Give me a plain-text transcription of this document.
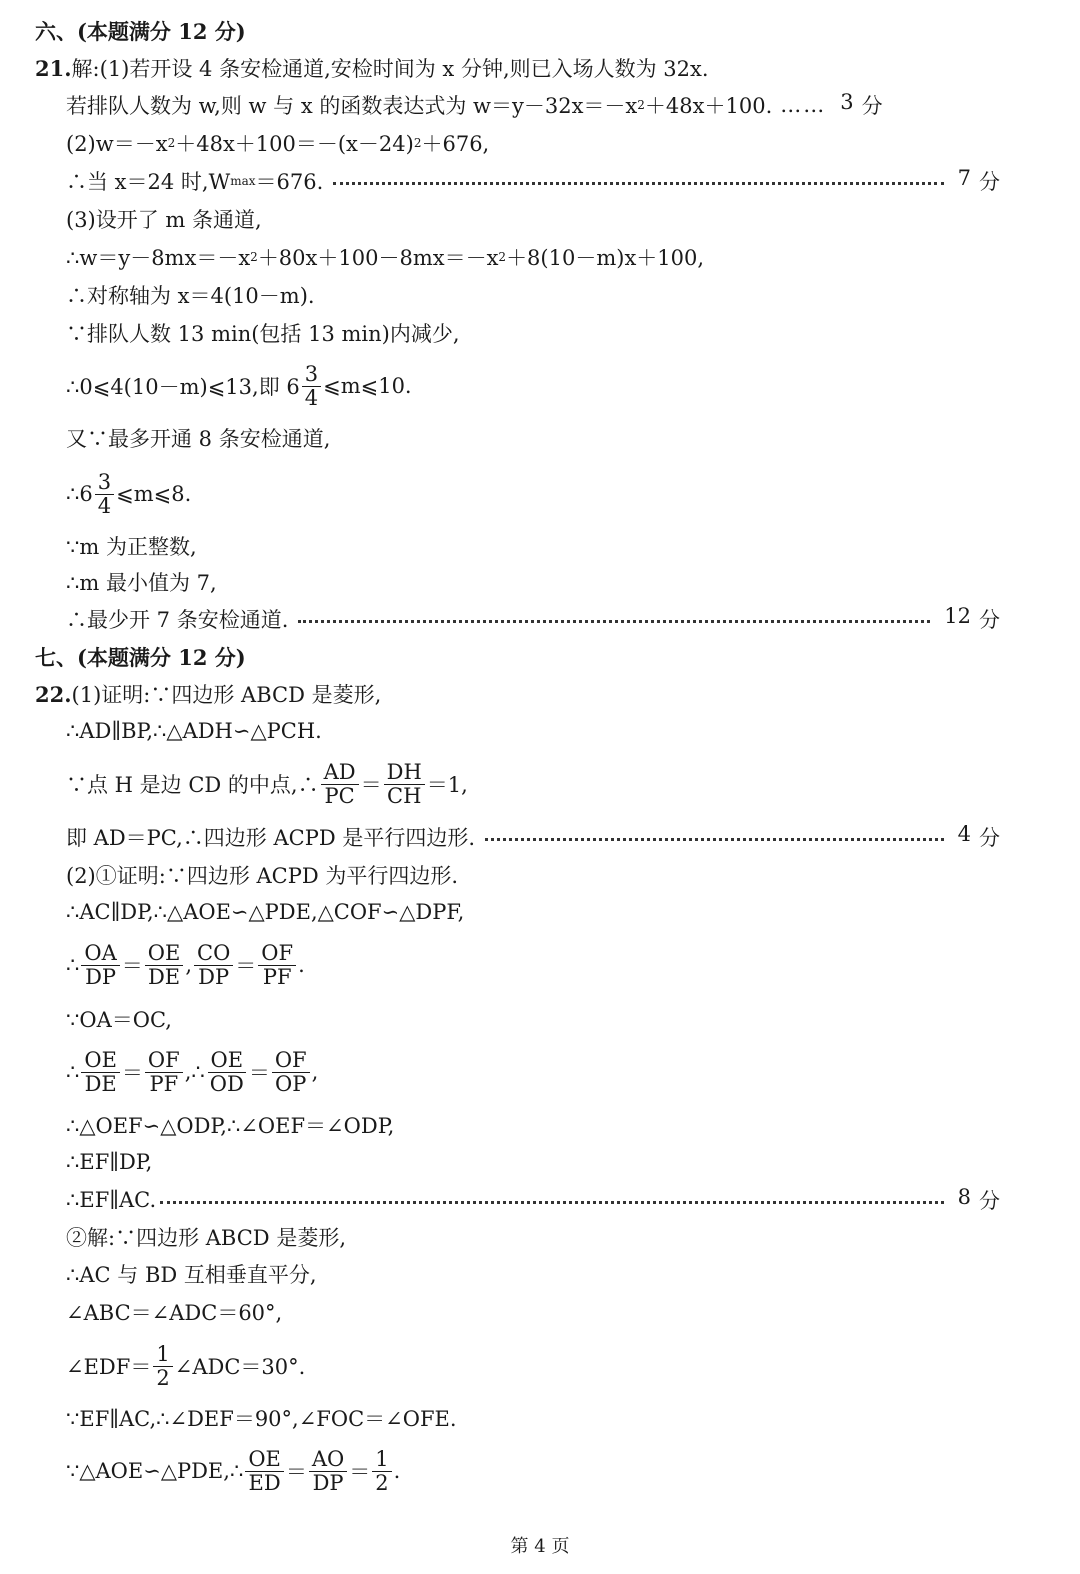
六、(本题满分 12 分)
21. 解:(1)若开设 4 条安检通道,安检时间为 x 分钟,则已入场人数为 32x.
若排队人数为 w,则 w 与 x 的函数表达式为 w＝y－32x＝－x 2 ＋48x＋100. …… 3 分
(2)w＝－x 2 ＋48x＋100＝－(x－24) 2 ＋676,
∴当 x＝24 时,W max ＝676.	7 分
(3)设开了 m 条通道,
∴w＝y－8mx＝－x 2 ＋80x＋100－8mx＝－x 2 ＋8(10－m)x＋100,
∴对称轴为 x＝4(10－m).
∵排队人数 13 min(包括 13 min)内减少,
∴0⩽4(10－m)⩽13,即 $6 \frac{3}{4}$ ⩽m⩽10.
又∵最多开通 8 条安检通道,
∴6 $\frac{3}{4}$ ⩽m⩽8.
∵m 为正整数,
∴m 最小值为 7,
∴最少开 7 条安检通道.	12 分
七、(本题满分 12 分)
22. (1)证明:∵四边形 ABCD 是菱形,
∴AD∥BP,∴△ADH∽△PCH.
∵点 H 是边 CD 的中点,∴ $\frac{AD}{PC} = \frac{DH}{CH} =1$,
即 AD＝PC,∴四边形 ACPD 是平行四边形.	4 分
(2)①证明:∵四边形 ACPD 为平行四边形.
∴AC∥DP,∴△AOE∽△PDE,△COF∽△DPF,
∴ $\frac{OA}{DP} = \frac{OE}{DE}$ , $\frac{CO}{DP} = \frac{OF}{PF}$ .
∵OA＝OC,
∴ $\frac{OE}{DE} = \frac{OF}{PF}$ ,∴ $\frac{OE}{OD} = \frac{OF}{OP}$ ,
∴△OEF∽△ODP,∴∠OEF＝∠ODP,
∴EF∥DP,
∴EF∥AC.	8 分
②解:∵四边形 ABCD 是菱形,
∴AC 与 BD 互相垂直平分,
∠ABC＝∠ADC＝60°,
∠EDF＝ $\frac{1}{2}$ ∠ADC＝30°.
∵EF∥AC,∴∠DEF＝90°,∠FOC＝∠OFE.
∵△AOE∽△PDE,∴ $\frac{OE}{ED} = \frac{AO}{DP} = \frac{1}{2}$ .
第 4 页
